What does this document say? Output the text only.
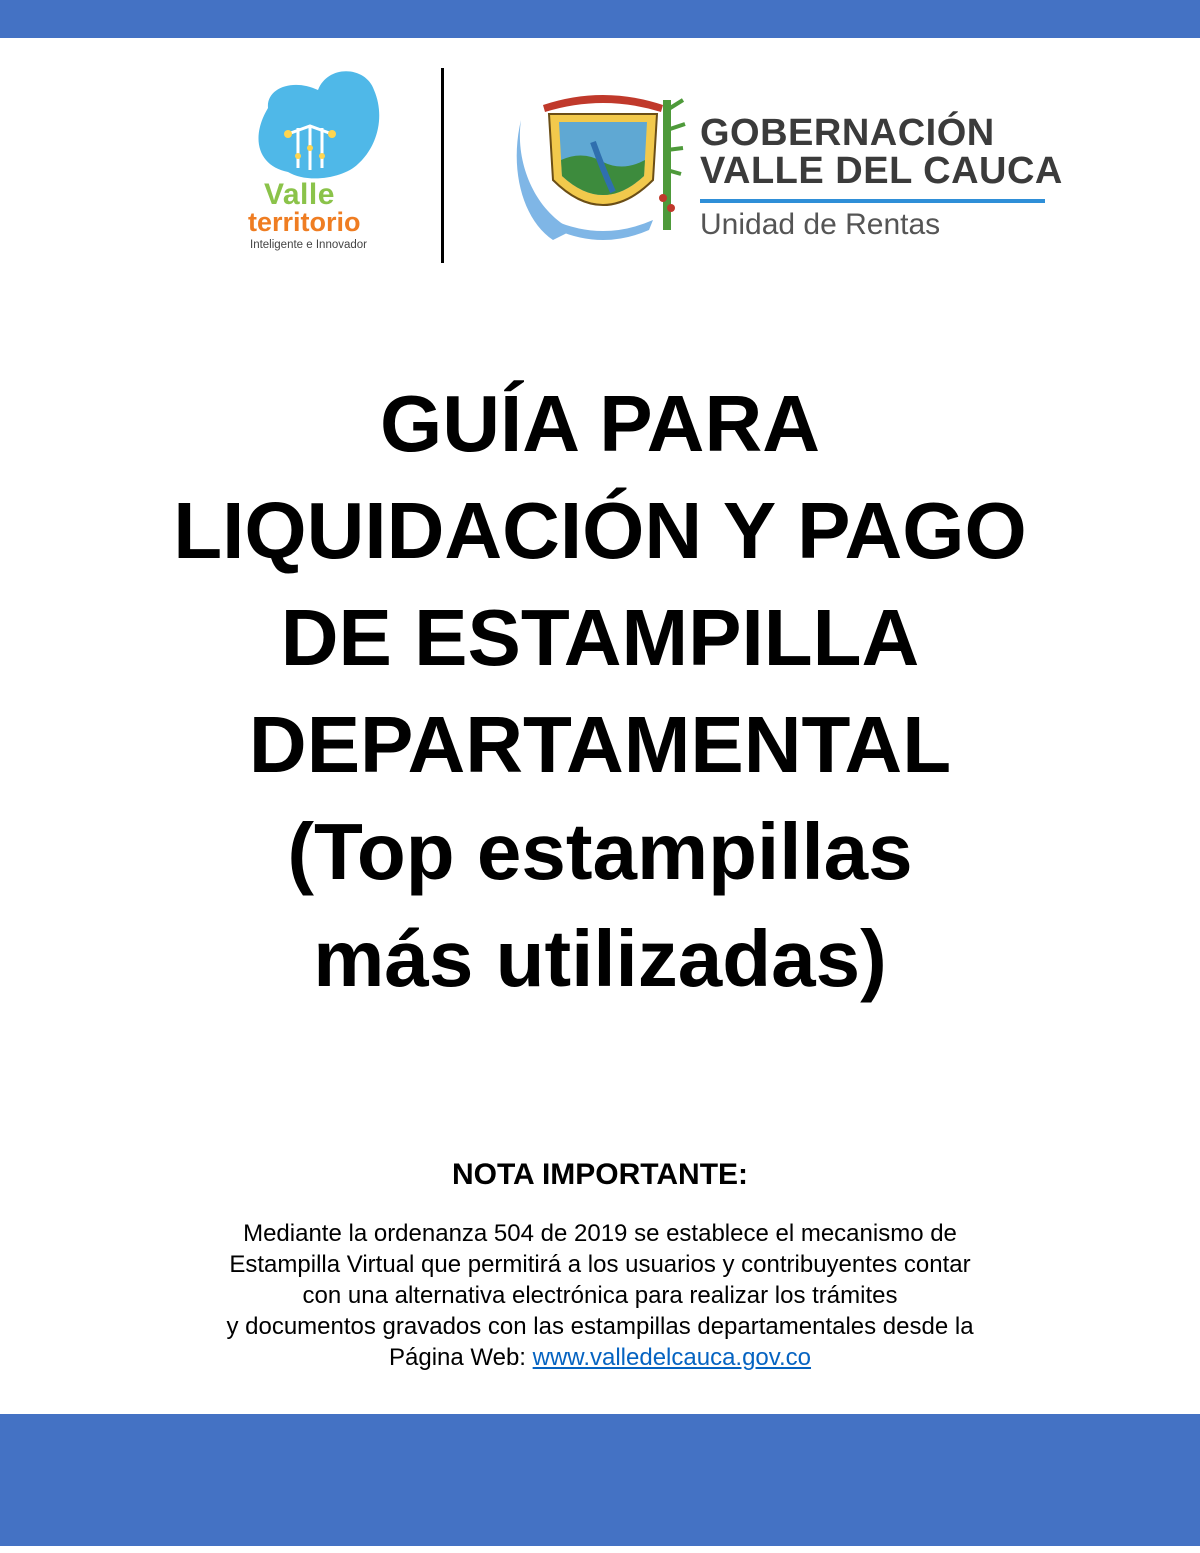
Valle
territorio
Inteligente e Innovador
GOBERNACIÓN
VALLE DEL CAUCA
Unidad de Rentas
GUÍA PARA
LIQUIDACIÓN Y PAGO
DE ESTAMPILLA
DEPARTAMENTAL
(Top estampillas
más utilizadas)
NOTA IMPORTANTE:
Mediante la ordenanza 504 de 2019 se establece el mecanismo de
Estampilla Virtual que permitirá a los usuarios y contribuyentes contar
con una alternativa electrónica para realizar los trámites
y documentos gravados con las estampillas departamentales desde la
Página Web: www.valledelcauca.gov.co
